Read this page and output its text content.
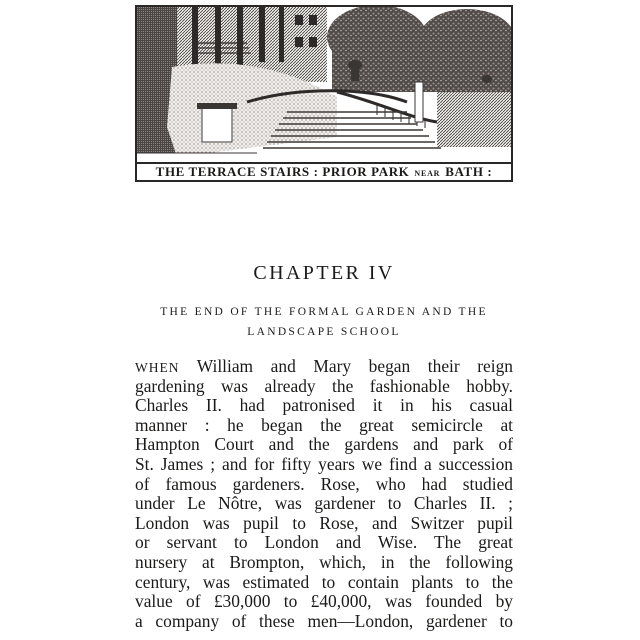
THE TERRACE STAIRS : PRIOR PARK NEAR BATH :
CHAPTER IV
THE END OF THE FORMAL GARDEN AND THE
LANDSCAPE SCHOOL
WHEN William and Mary began their reign
gardening was already the fashionable hobby.
Charles II. had patronised it in his casual
manner : he began the great semicircle at
Hampton Court and the gardens and park of
St. James ; and for fifty years we find a succession
of famous gardeners. Rose, who had studied
under Le Nôtre, was gardener to Charles II. ;
London was pupil to Rose, and Switzer pupil
or servant to London and Wise. The great
nursery at Brompton, which, in the following
century, was estimated to contain plants to the
value of £30,000 to £40,000, was founded by
a company of these men—London, gardener to
